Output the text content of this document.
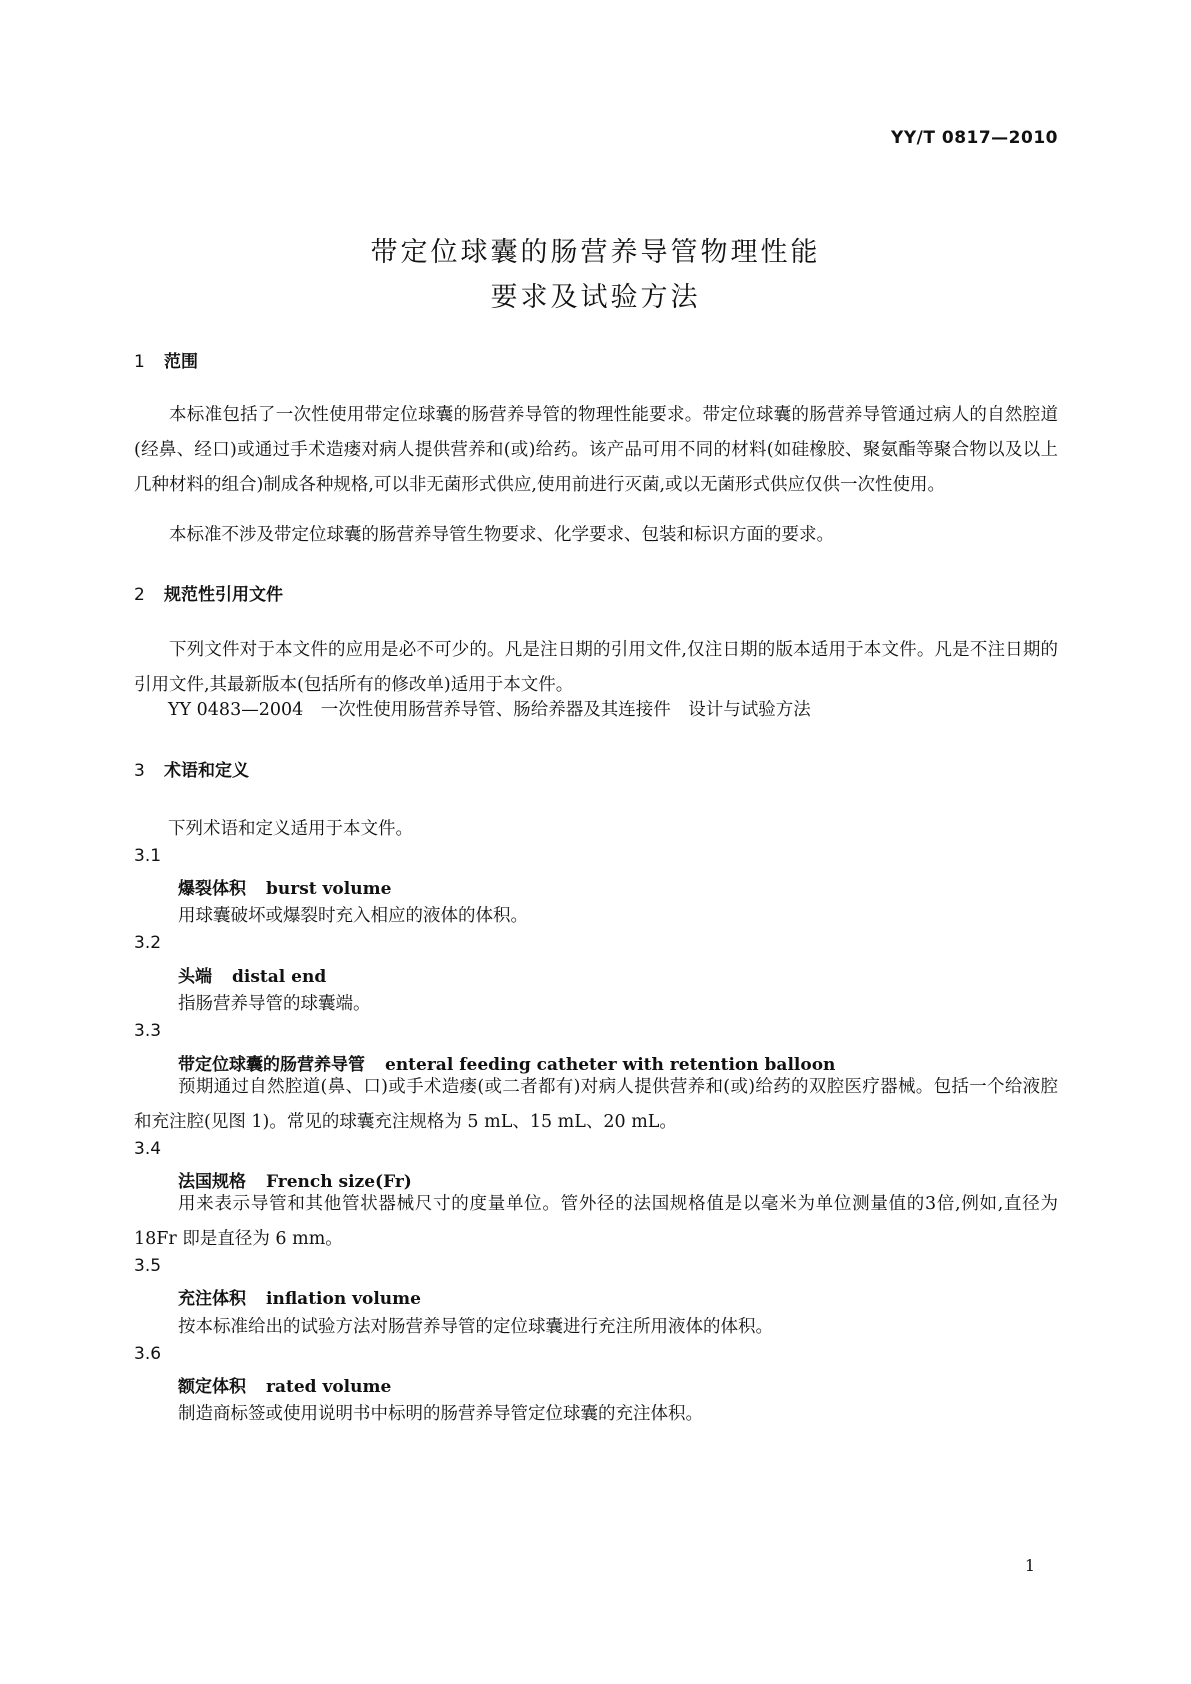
YY/T 0817—2010
带定位球囊的肠营养导管物理性能
要求及试验方法
1 范围
本标准包括了一次性使用带定位球囊的肠营养导管的物理性能要求。带定位球囊的肠营养导管通过病人的自然腔道(经鼻、经口)或通过手术造瘘对病人提供营养和(或)给药。该产品可用不同的材料(如硅橡胶、聚氨酯等聚合物以及以上几种材料的组合)制成各种规格,可以非无菌形式供应,使用前进行灭菌,或以无菌形式供应仅供一次性使用。
本标准不涉及带定位球囊的肠营养导管生物要求、化学要求、包装和标识方面的要求。
2 规范性引用文件
下列文件对于本文件的应用是必不可少的。凡是注日期的引用文件,仅注日期的版本适用于本文件。凡是不注日期的引用文件,其最新版本(包括所有的修改单)适用于本文件。
YY 0483—2004　一次性使用肠营养导管、肠给养器及其连接件　设计与试验方法
3 术语和定义
下列术语和定义适用于本文件。
3.1
爆裂体积 burst volume
用球囊破坏或爆裂时充入相应的液体的体积。
3.2
头端 distal end
指肠营养导管的球囊端。
3.3
带定位球囊的肠营养导管 enteral feeding catheter with retention balloon
预期通过自然腔道(鼻、口)或手术造瘘(或二者都有)对病人提供营养和(或)给药的双腔医疗器械。包括一个给液腔和充注腔(见图 1)。常见的球囊充注规格为 5 mL、15 mL、20 mL。
3.4
法国规格 French size(Fr)
用来表示导管和其他管状器械尺寸的度量单位。管外径的法国规格值是以毫米为单位测量值的3倍,例如,直径为 18Fr 即是直径为 6 mm。
3.5
充注体积 inflation volume
按本标准给出的试验方法对肠营养导管的定位球囊进行充注所用液体的体积。
3.6
额定体积 rated volume
制造商标签或使用说明书中标明的肠营养导管定位球囊的充注体积。
1
